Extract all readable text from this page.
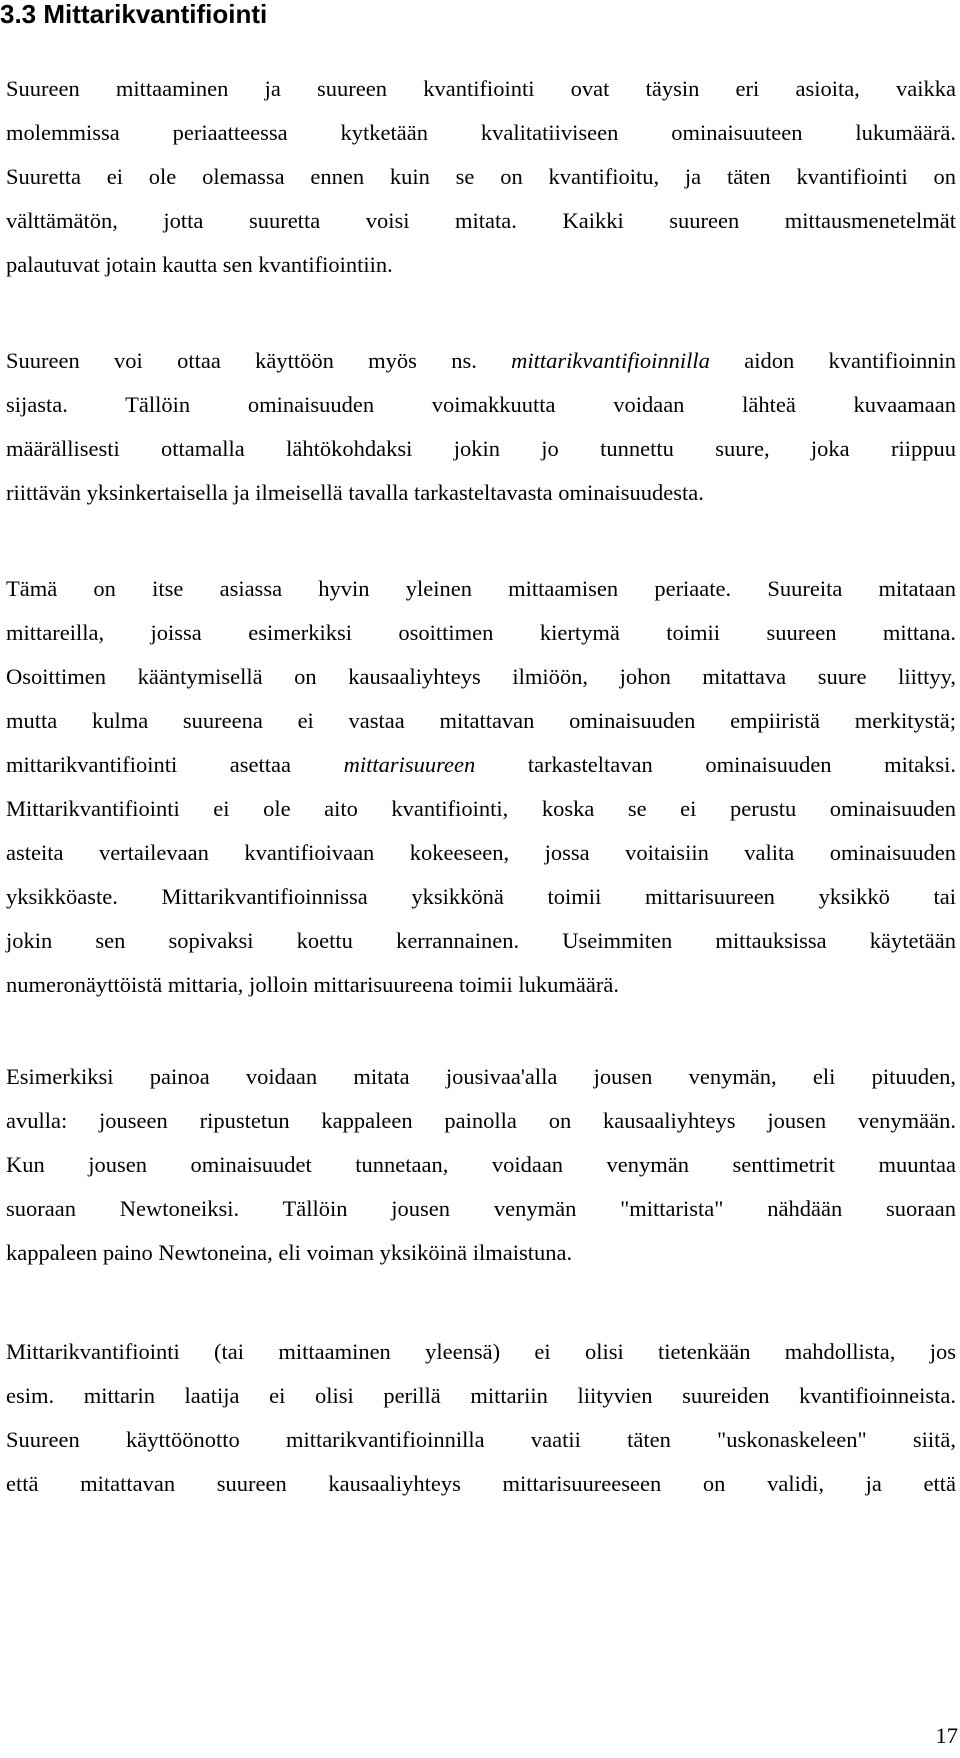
3.3 Mittarikvantifiointi
Suureen mittaaminen ja suureen kvantifiointi ovat täysin eri asioita, vaikka
molemmissa periaatteessa kytketään kvalitatiiviseen ominaisuuteen lukumäärä.
Suuretta ei ole olemassa ennen kuin se on kvantifioitu, ja täten kvantifiointi on
välttämätön, jotta suuretta voisi mitata. Kaikki suureen mittausmenetelmät
palautuvat jotain kautta sen kvantifiointiin.
Suureen voi ottaa käyttöön myös ns. mittarikvantifioinnilla aidon kvantifioinnin
sijasta. Tällöin ominaisuuden voimakkuutta voidaan lähteä kuvaamaan
määrällisesti ottamalla lähtökohdaksi jokin jo tunnettu suure, joka riippuu
riittävän yksinkertaisella ja ilmeisellä tavalla tarkasteltavasta ominaisuudesta.
Tämä on itse asiassa hyvin yleinen mittaamisen periaate. Suureita mitataan
mittareilla, joissa esimerkiksi osoittimen kiertymä toimii suureen mittana.
Osoittimen kääntymisellä on kausaaliyhteys ilmiöön, johon mitattava suure liittyy,
mutta kulma suureena ei vastaa mitattavan ominaisuuden empiiristä merkitystä;
mittarikvantifiointi asettaa mittarisuureen tarkasteltavan ominaisuuden mitaksi.
Mittarikvantifiointi ei ole aito kvantifiointi, koska se ei perustu ominaisuuden
asteita vertailevaan kvantifioivaan kokeeseen, jossa voitaisiin valita ominaisuuden
yksikköaste. Mittarikvantifioinnissa yksikkönä toimii mittarisuureen yksikkö tai
jokin sen sopivaksi koettu kerrannainen. Useimmiten mittauksissa käytetään
numeronäyttöistä mittaria, jolloin mittarisuureena toimii lukumäärä.
Esimerkiksi painoa voidaan mitata jousivaa'alla jousen venymän, eli pituuden,
avulla: jouseen ripustetun kappaleen painolla on kausaaliyhteys jousen venymään.
Kun jousen ominaisuudet tunnetaan, voidaan venymän senttimetrit muuntaa
suoraan Newtoneiksi. Tällöin jousen venymän "mittarista" nähdään suoraan
kappaleen paino Newtoneina, eli voiman yksiköinä ilmaistuna.
Mittarikvantifiointi (tai mittaaminen yleensä) ei olisi tietenkään mahdollista, jos
esim. mittarin laatija ei olisi perillä mittariin liityvien suureiden kvantifioinneista.
Suureen käyttöönotto mittarikvantifioinnilla vaatii täten "uskonaskeleen" siitä,
että mitattavan suureen kausaaliyhteys mittarisuureeseen on validi, ja että

17
